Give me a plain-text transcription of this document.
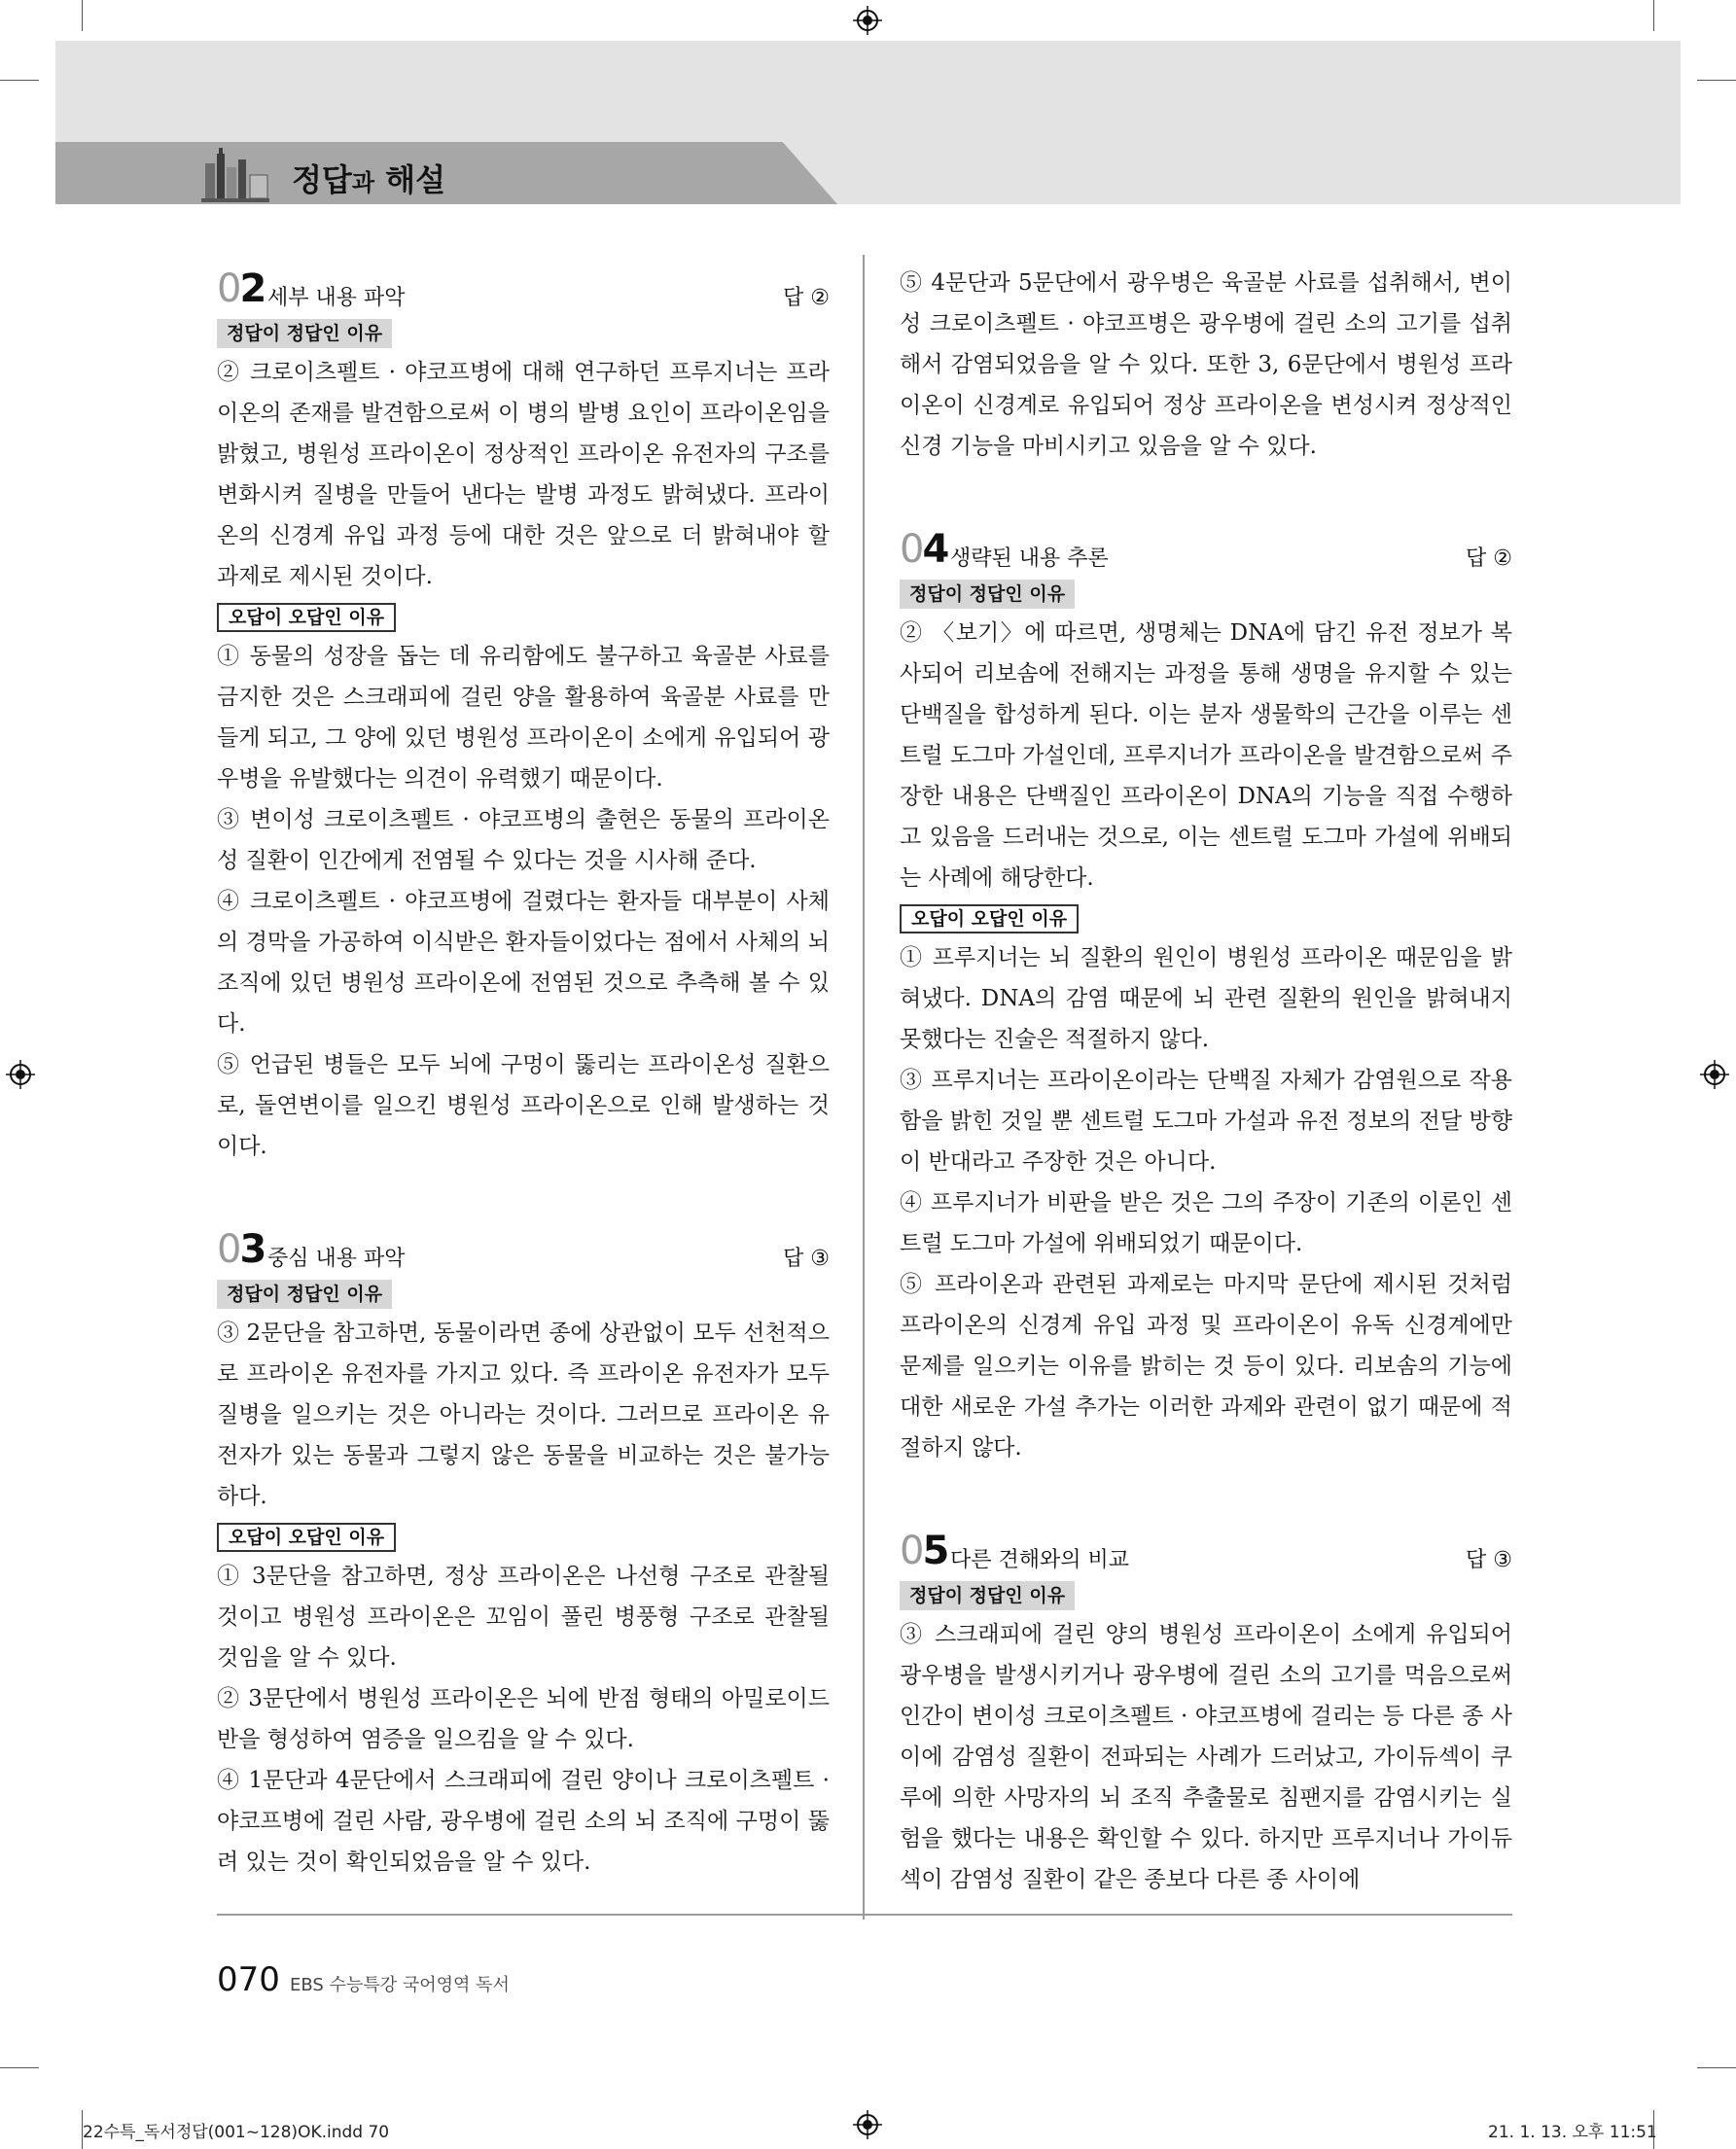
정답과 해설
02 세부 내용 파악	답 ②
정답이 정답인 이유

② 크로이츠펠트 · 야코프병에 대해 연구하던 프루지너는 프라이온의 존재를 발견함으로써 이 병의 발병 요인이 프라이온임을 밝혔고, 병원성 프라이온이 정상적인 프라이온 유전자의 구조를 변화시켜 질병을 만들어 낸다는 발병 과정도 밝혀냈다. 프라이온의 신경계 유입 과정 등에 대한 것은 앞으로 더 밝혀내야 할 과제로 제시된 것이다.

오답이 오답인 이유

① 동물의 성장을 돕는 데 유리함에도 불구하고 육골분 사료를 금지한 것은 스크래피에 걸린 양을 활용하여 육골분 사료를 만들게 되고, 그 양에 있던 병원성 프라이온이 소에게 유입되어 광우병을 유발했다는 의견이 유력했기 때문이다.

③ 변이성 크로이츠펠트 · 야코프병의 출현은 동물의 프라이온성 질환이 인간에게 전염될 수 있다는 것을 시사해 준다.

④ 크로이츠펠트 · 야코프병에 걸렸다는 환자들 대부분이 사체의 경막을 가공하여 이식받은 환자들이었다는 점에서 사체의 뇌 조직에 있던 병원성 프라이온에 전염된 것으로 추측해 볼 수 있다.

⑤ 언급된 병들은 모두 뇌에 구멍이 뚫리는 프라이온성 질환으로, 돌연변이를 일으킨 병원성 프라이온으로 인해 발생하는 것이다.

03 중심 내용 파악	답 ③
정답이 정답인 이유

③ 2문단을 참고하면, 동물이라면 종에 상관없이 모두 선천적으로 프라이온 유전자를 가지고 있다. 즉 프라이온 유전자가 모두 질병을 일으키는 것은 아니라는 것이다. 그러므로 프라이온 유전자가 있는 동물과 그렇지 않은 동물을 비교하는 것은 불가능하다.

오답이 오답인 이유

① 3문단을 참고하면, 정상 프라이온은 나선형 구조로 관찰될 것이고 병원성 프라이온은 꼬임이 풀린 병풍형 구조로 관찰될 것임을 알 수 있다.

② 3문단에서 병원성 프라이온은 뇌에 반점 형태의 아밀로이드반을 형성하여 염증을 일으킴을 알 수 있다.

④ 1문단과 4문단에서 스크래피에 걸린 양이나 크로이츠펠트 · 야코프병에 걸린 사람, 광우병에 걸린 소의 뇌 조직에 구멍이 뚫려 있는 것이 확인되었음을 알 수 있다.

⑤ 4문단과 5문단에서 광우병은 육골분 사료를 섭취해서, 변이성 크로이츠펠트 · 야코프병은 광우병에 걸린 소의 고기를 섭취해서 감염되었음을 알 수 있다. 또한 3, 6문단에서 병원성 프라이온이 신경계로 유입되어 정상 프라이온을 변성시켜 정상적인 신경 기능을 마비시키고 있음을 알 수 있다.

04 생략된 내용 추론	답 ②
정답이 정답인 이유

② 〈보기〉에 따르면, 생명체는 DNA에 담긴 유전 정보가 복사되어 리보솜에 전해지는 과정을 통해 생명을 유지할 수 있는 단백질을 합성하게 된다. 이는 분자 생물학의 근간을 이루는 센트럴 도그마 가설인데, 프루지너가 프라이온을 발견함으로써 주장한 내용은 단백질인 프라이온이 DNA의 기능을 직접 수행하고 있음을 드러내는 것으로, 이는 센트럴 도그마 가설에 위배되는 사례에 해당한다.

오답이 오답인 이유

① 프루지너는 뇌 질환의 원인이 병원성 프라이온 때문임을 밝혀냈다. DNA의 감염 때문에 뇌 관련 질환의 원인을 밝혀내지 못했다는 진술은 적절하지 않다.

③ 프루지너는 프라이온이라는 단백질 자체가 감염원으로 작용함을 밝힌 것일 뿐 센트럴 도그마 가설과 유전 정보의 전달 방향이 반대라고 주장한 것은 아니다.

④ 프루지너가 비판을 받은 것은 그의 주장이 기존의 이론인 센트럴 도그마 가설에 위배되었기 때문이다.

⑤ 프라이온과 관련된 과제로는 마지막 문단에 제시된 것처럼 프라이온의 신경계 유입 과정 및 프라이온이 유독 신경계에만 문제를 일으키는 이유를 밝히는 것 등이 있다. 리보솜의 기능에 대한 새로운 가설 추가는 이러한 과제와 관련이 없기 때문에 적절하지 않다.

05 다른 견해와의 비교	답 ③
정답이 정답인 이유

③ 스크래피에 걸린 양의 병원성 프라이온이 소에게 유입되어 광우병을 발생시키거나 광우병에 걸린 소의 고기를 먹음으로써 인간이 변이성 크로이츠펠트 · 야코프병에 걸리는 등 다른 종 사이에 감염성 질환이 전파되는 사례가 드러났고, 가이듀섹이 쿠루에 의한 사망자의 뇌 조직 추출물로 침팬지를 감염시키는 실험을 했다는 내용은 확인할 수 있다. 하지만 프루지너나 가이듀섹이 감염성 질환이 같은 종보다 다른 종 사이에

070 EBS 수능특강 국어영역 독서
22수특_독서정답(001~128)OK.indd 70	21. 1. 13. 오후 11:51
